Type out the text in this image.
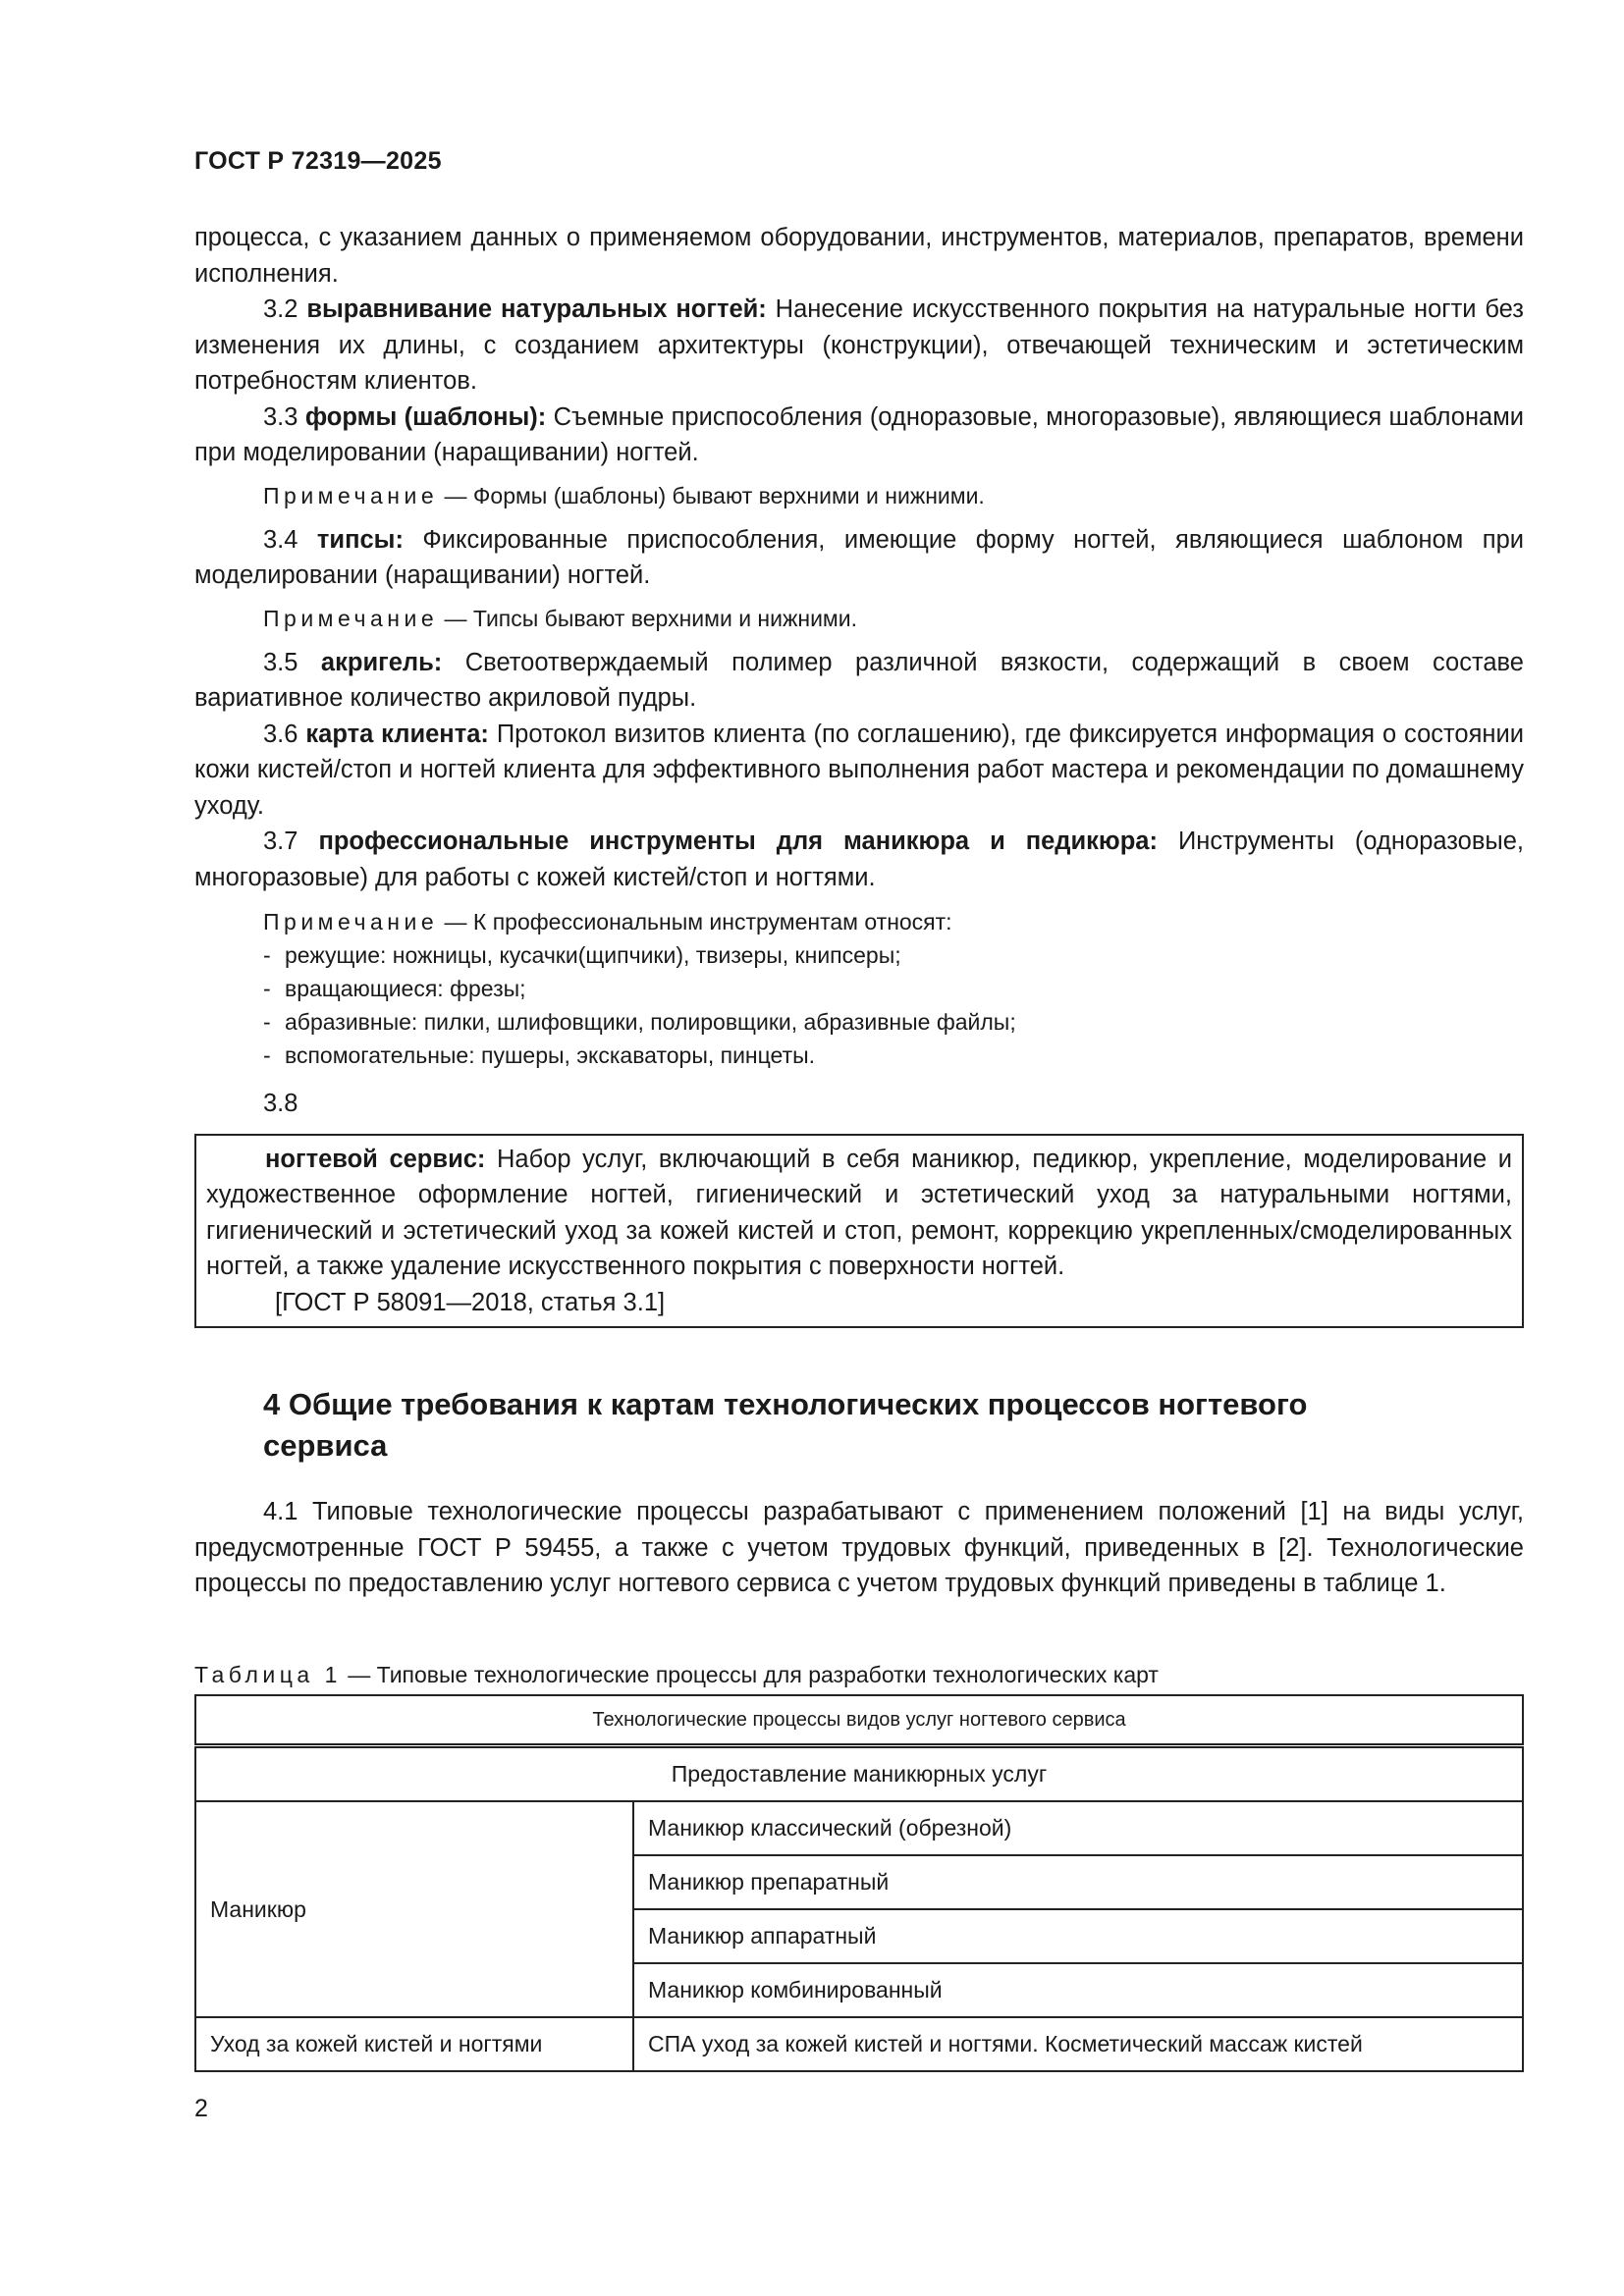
ГОСТ Р 72319—2025

процесса, с указанием данных о применяемом оборудовании, инструментов, материалов, препаратов, времени исполнения.

3.2 выравнивание натуральных ногтей: Нанесение искусственного покрытия на натуральные ногти без изменения их длины, с созданием архитектуры (конструкции), отвечающей техническим и эстетическим потребностям клиентов.

3.3 формы (шаблоны): Съемные приспособления (одноразовые, многоразовые), являющиеся шаблонами при моделировании (наращивании) ногтей.

Примечание — Формы (шаблоны) бывают верхними и нижними.

3.4 типсы: Фиксированные приспособления, имеющие форму ногтей, являющиеся шаблоном при моделировании (наращивании) ногтей.

Примечание — Типсы бывают верхними и нижними.

3.5 акригель: Светоотверждаемый полимер различной вязкости, содержащий в своем составе вариативное количество акриловой пудры.

3.6 карта клиента: Протокол визитов клиента (по соглашению), где фиксируется информация о состоянии кожи кистей/стоп и ногтей клиента для эффективного выполнения работ мастера и рекомендации по домашнему уходу.

3.7 профессиональные инструменты для маникюра и педикюра: Инструменты (одноразовые, многоразовые) для работы с кожей кистей/стоп и ногтями.

Примечание — К профессиональным инструментам относят:

- режущие: ножницы, кусачки(щипчики), твизеры, книпсеры;

- вращающиеся: фрезы;

- абразивные: пилки, шлифовщики, полировщики, абразивные файлы;

- вспомогательные: пушеры, экскаваторы, пинцеты.

3.8

ногтевой сервис: Набор услуг, включающий в себя маникюр, педикюр, укрепление, моделирование и художественное оформление ногтей, гигиенический и эстетический уход за натуральными ногтями, гигиенический и эстетический уход за кожей кистей и стоп, ремонт, коррекцию укрепленных/смоделированных ногтей, а также удаление искусственного покрытия с поверхности ногтей.

[ГОСТ Р 58091—2018, статья 3.1]

4 Общие требования к картам технологических процессов ногтевого сервиса

4.1 Типовые технологические процессы разрабатывают с применением положений [1] на виды услуг, предусмотренные ГОСТ Р 59455, а также с учетом трудовых функций, приведенных в [2]. Технологические процессы по предоставлению услуг ногтевого сервиса с учетом трудовых функций приведены в таблице 1.

Таблица 1 — Типовые технологические процессы для разработки технологических карт
Технологические процессы видов услуг ногтевого сервиса	
Предоставление маникюрных услуг	
Маникюр	Маникюр классический (обрезной)
	Маникюр препаратный
	Маникюр аппаратный
	Маникюр комбинированный
Уход за кожей кистей и ногтями	СПА уход за кожей кистей и ногтями. Косметический массаж кистей
2
